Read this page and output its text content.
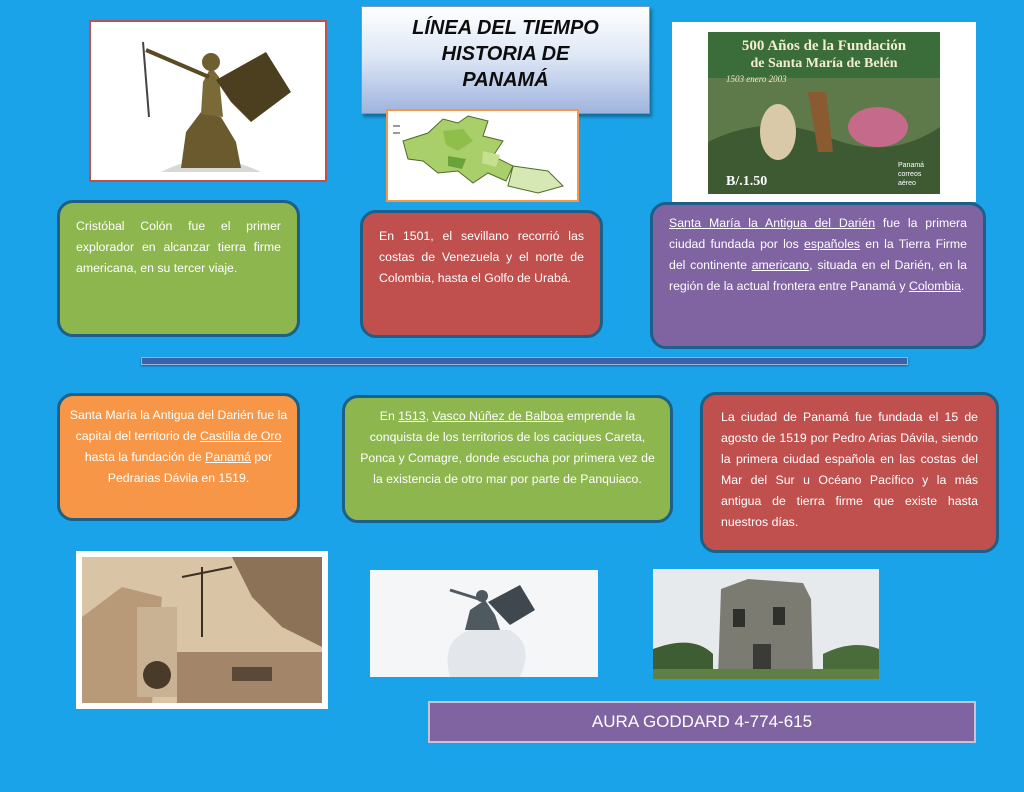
LÍNEA DEL TIEMPO
HISTORIA DE
PANAMÁ
500 Años de la Fundación
de Santa María de Belén
1503 enero 2003
B/.1.50
Panamá
correos
aéreo
Cristóbal Colón fue el primer explorador en alcanzar tierra firme americana, en su tercer viaje.
En 1501, el sevillano recorrió las costas de Venezuela y el norte de Colombia, hasta el Golfo de Urabá.
Santa María la Antigua del Darién fue la primera ciudad fundada por los españoles en la Tierra Firme del continente americano, situada en el Darién, en la región de la actual frontera entre Panamá y Colombia.
Santa María la Antigua del Darién fue la capital del territorio de Castilla de Oro hasta la fundación de Panamá por Pedrarias Dávila en 1519.
En 1513, Vasco Núñez de Balboa emprende la conquista de los territorios de los caciques Careta, Ponca y Comagre, donde escucha por primera vez de la existencia de otro mar por parte de Panquiaco.
La ciudad de Panamá fue fundada el 15 de agosto de 1519 por Pedro Arias Dávila, siendo la primera ciudad española en las costas del Mar del Sur u Océano Pacífico y la más antigua de tierra firme que existe hasta nuestros días.
AURA GODDARD 4-774-615
